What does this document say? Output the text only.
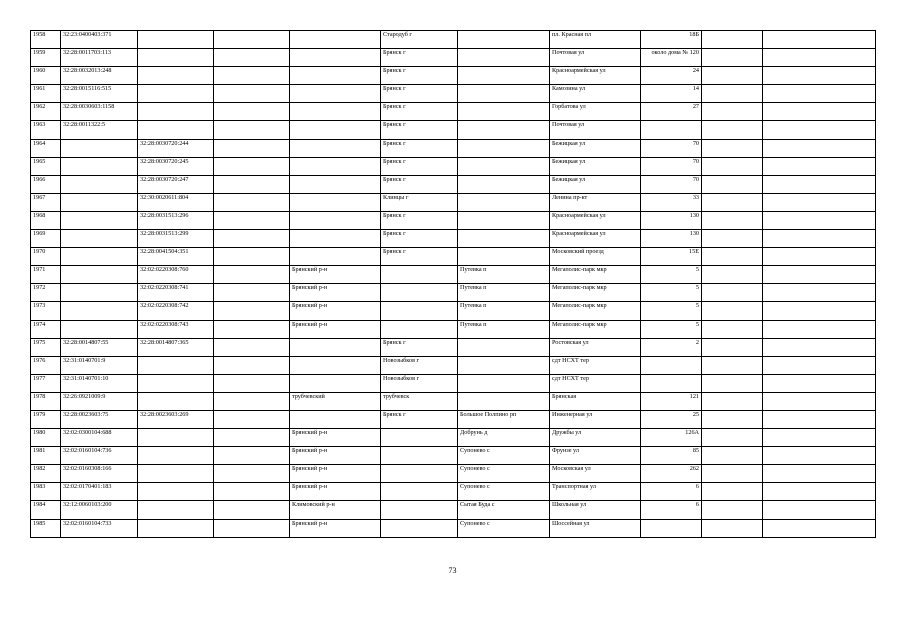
1958	32:23:0400403:371				Стародуб г		пл. Красная пл	18Б		
1959	32:28:0011703:113				Брянск г		Почтовая ул	около дома № 120		
1960	32:28:0032013:248				Брянск г		Красноармейская ул	24		
1961	32:28:0015116:515				Брянск г		Камозина ул	14		
1962	32:28:0030603:1158				Брянск г		Горбатова ул	27		
1963	32:28:0011322:5				Брянск г		Почтовая ул			
1964		32:28:0030720:244			Брянск г		Бежицкая ул	70		
1965		32:28:0030720:245			Брянск г		Бежицкая ул	70		
1966		32:28:0030720:247			Брянск г		Бежицкая ул	70		
1967		32:30:0020611:804			Клинцы г		Ленина пр-кт	33		
1968		32:28:0031513:296			Брянск г		Красноармейская ул	130		
1969		32:28:0031513:299			Брянск г		Красноармейская ул	130		
1970		32:28:0041504:351			Брянск г		Московский проезд	15Е		
1971		32:02:0220308:760		Брянский р-н		Путевка п	Мегаполис-парк мкр	5		
1972		32:02:0220308:741		Брянский р-н		Путевка п	Мегаполис-парк мкр	5		
1973		32:02:0220308:742		Брянский р-н		Путевка п	Мегаполис-парк мкр	5		
1974		32:02:0220308:743		Брянский р-н		Путевка п	Мегаполис-парк мкр	5		
1975	32:28:0014807:55	32:28:0014807:365			Брянск г		Ростовская ул	2		
1976	32:31:0140701:9				Новозыбков г		сдт НСХТ тер			
1977	32:31:0140701:10				Новозыбков г		сдт НСХТ тер			
1978	32:26:0921009:9			трубчевский	трубчевск		Брянская	121		
1979	32:28:0023603:75	32:28:0023603:269			Брянск г	Большое Полпино рп	Инженерная ул	25		
1980	32:02:0300104:688			Брянский р-н		Добрунь д	Дружбы ул	126А		
1981	32:02:0160104:736			Брянский р-н		Супонево с	Фрунзе ул	85		
1982	32:02:0160308:166			Брянский р-н		Супонево с	Московская ул	262		
1983	32:02:0170401:183			Брянский р-н		Супонево с	Транспортная ул	6		
1984	32:12:0060103:200			Климовский р-н		Сытая Буда с	Школьная ул	6		
1985	32:02:0160104:733			Брянский р-н		Супонево с	Шоссейная ул			
73
